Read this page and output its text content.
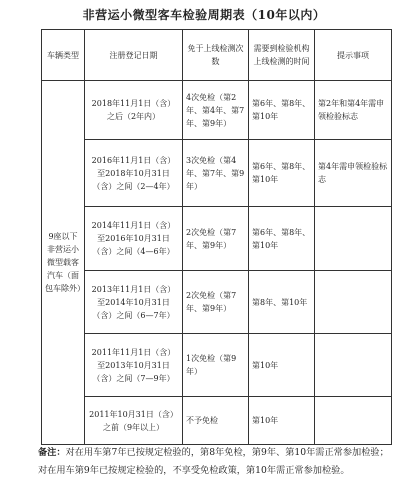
非营运小微型客车检验周期表（10年以内）
车辆类型	注册登记日期	免于上线检测次数	需要到检验机构上线检测的时间	提示事项
9座以下非营运小微型载客汽车（面包车除外）	2018年11月1日（含）之后（2年内）	4次免检（第2年、第4年、第7年、第9年）	第6年、第8年、第10年	第2年和第4年需申领检验标志
	2016年11月1日（含）至2018年10月31日（含）之间（2—4年）	3次免检（第4年、第7年、第9年）	第6年、第8年、第10年	第4年需申领检验标志
	2014年11月1日（含）至2016年10月31日（含）之间（4—6年）	2次免检（第7年、第9年）	第6年、第8年、第10年	
	2013年11月1日（含）至2014年10月31日（含）之间（6—7年）	2次免检（第7年、第9年）	第8年、第10年	
	2011年11月1日（含）至2013年10月31日（含）之间（7—9年）	1次免检（第9年）	第10年	
	2011年10月31日（含）之前（9年以上）	不予免检	第10年	
备注：对在用车第7年已按规定检验的，第8年免检，第9年、第10年需正常参加检验；对在用车第9年已按规定检验的，不享受免检政策，第10年需正常参加检验。
